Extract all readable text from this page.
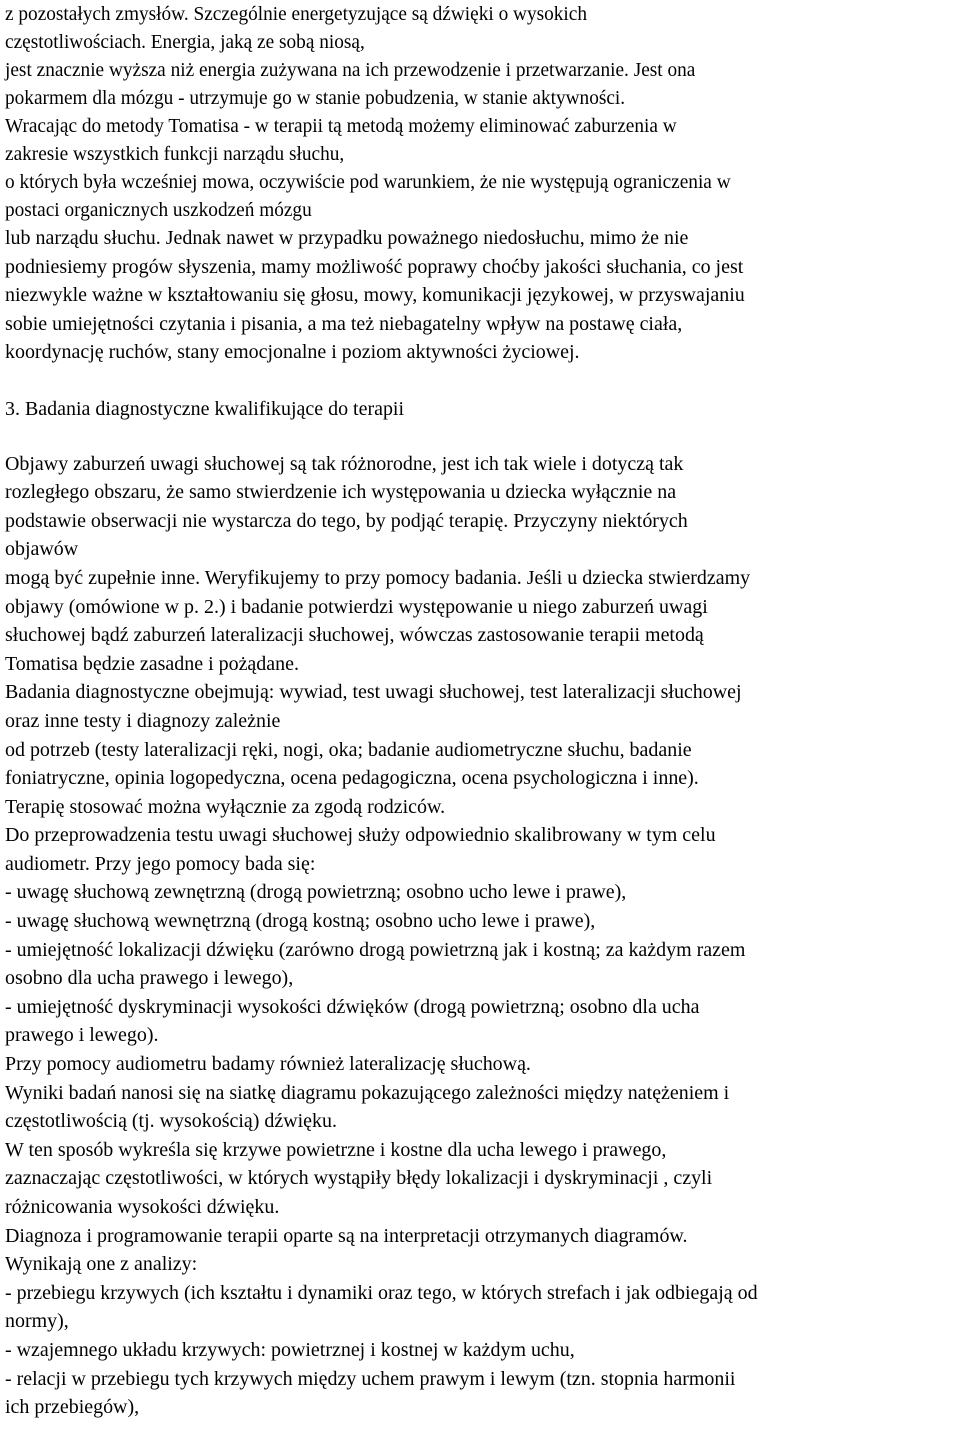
z pozostałych zmysłów. Szczególnie energetyzujące są dźwięki o wysokich
częstotliwościach. Energia, jaką ze sobą niosą,
jest znacznie wyższa niż energia zużywana na ich przewodzenie i przetwarzanie. Jest ona
pokarmem dla mózgu - utrzymuje go w stanie pobudzenia, w stanie aktywności.
Wracając do metody Tomatisa - w terapii tą metodą możemy eliminować zaburzenia w
zakresie wszystkich funkcji narządu słuchu,
o których była wcześniej mowa, oczywiście pod warunkiem, że nie występują ograniczenia w
postaci organicznych uszkodzeń mózgu
lub narządu słuchu. Jednak nawet w przypadku poważnego niedosłuchu, mimo że nie
podniesiemy progów słyszenia, mamy możliwość poprawy choćby jakości słuchania, co jest
niezwykle ważne w kształtowaniu się głosu, mowy, komunikacji językowej, w przyswajaniu
sobie umiejętności czytania i pisania, a ma też niebagatelny wpływ na postawę ciała,
koordynację ruchów, stany emocjonalne i poziom aktywności życiowej.
3. Badania diagnostyczne kwalifikujące do terapii
Objawy zaburzeń uwagi słuchowej są tak różnorodne, jest ich tak wiele i dotyczą tak
rozległego obszaru, że samo stwierdzenie ich występowania u dziecka wyłącznie na
podstawie obserwacji nie wystarcza do tego, by podjąć terapię. Przyczyny niektórych
objawów
mogą być zupełnie inne. Weryfikujemy to przy pomocy badania. Jeśli u dziecka stwierdzamy
objawy (omówione w p. 2.) i badanie potwierdzi występowanie u niego zaburzeń uwagi
słuchowej bądź zaburzeń lateralizacji słuchowej, wówczas zastosowanie terapii metodą
Tomatisa będzie zasadne i pożądane.
Badania diagnostyczne obejmują: wywiad, test uwagi słuchowej, test lateralizacji słuchowej
oraz inne testy i diagnozy zależnie
od potrzeb (testy lateralizacji ręki, nogi, oka; badanie audiometryczne słuchu, badanie
foniatryczne, opinia logopedyczna, ocena pedagogiczna, ocena psychologiczna i inne).
Terapię stosować można wyłącznie za zgodą rodziców.
Do przeprowadzenia testu uwagi słuchowej służy odpowiednio skalibrowany w tym celu
audiometr. Przy jego pomocy bada się:
- uwagę słuchową zewnętrzną (drogą powietrzną; osobno ucho lewe i prawe),
- uwagę słuchową wewnętrzną (drogą kostną; osobno ucho lewe i prawe),
- umiejętność lokalizacji dźwięku (zarówno drogą powietrzną jak i kostną; za każdym razem
osobno dla ucha prawego i lewego),
- umiejętność dyskryminacji wysokości dźwięków (drogą powietrzną; osobno dla ucha
prawego i lewego).
Przy pomocy audiometru badamy również lateralizację słuchową.
Wyniki badań nanosi się na siatkę diagramu pokazującego zależności między natężeniem i
częstotliwością (tj. wysokością) dźwięku.
W ten sposób wykreśla się krzywe powietrzne i kostne dla ucha lewego i prawego,
zaznaczając częstotliwości, w których wystąpiły błędy lokalizacji i dyskryminacji , czyli
różnicowania wysokości dźwięku.
Diagnoza i programowanie terapii oparte są na interpretacji otrzymanych diagramów.
Wynikają one z analizy:
- przebiegu krzywych (ich kształtu i dynamiki oraz tego, w których strefach i jak odbiegają od
normy),
- wzajemnego układu krzywych: powietrznej i kostnej w każdym uchu,
- relacji w przebiegu tych krzywych między uchem prawym i lewym (tzn. stopnia harmonii
ich przebiegów),
